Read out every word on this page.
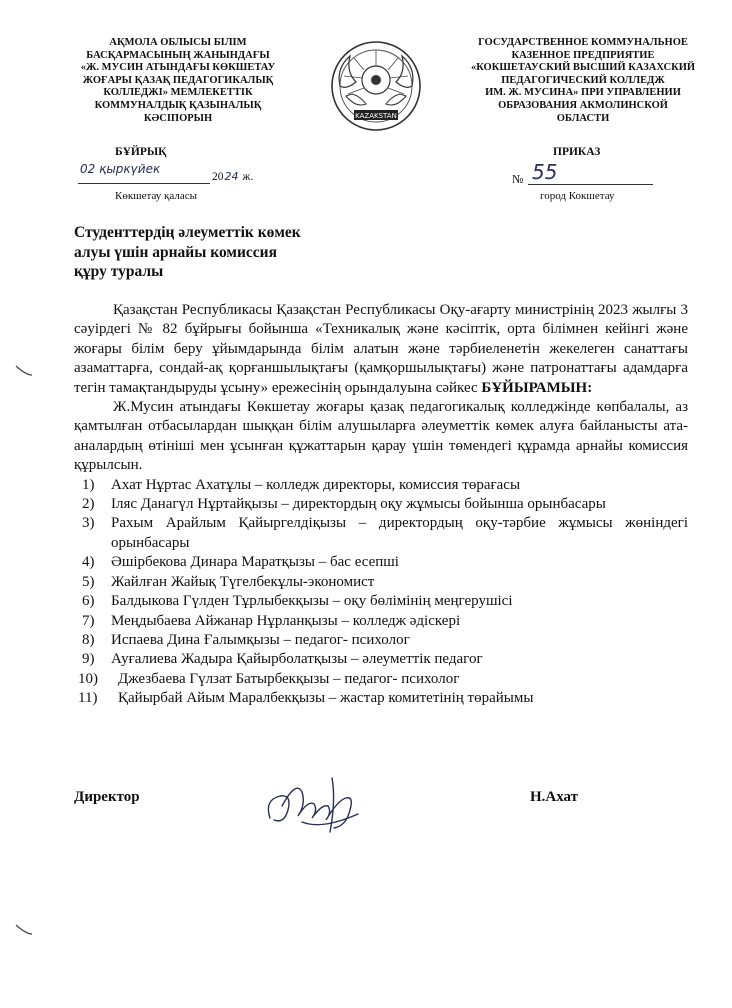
АҚМОЛА ОБЛЫСЫ БІЛІМ
БАСҚАРМАСЫНЫҢ ЖАНЫНДАҒЫ
«Ж. МУСИН АТЫНДАҒЫ КӨКШЕТАУ
ЖОҒАРЫ ҚАЗАҚ ПЕДАГОГИКАЛЫҚ
КОЛЛЕДЖІ» МЕМЛЕКЕТТІК
КОММУНАЛДЫҚ ҚАЗЫНАЛЫҚ
КӘСІПОРЫН	KAZAKSTAN
ГОСУДАРСТВЕННОЕ КОММУНАЛЬНОЕ
КАЗЕННОЕ ПРЕДПРИЯТИЕ
«КОКШЕТАУСКИЙ ВЫСШИЙ КАЗАХСКИЙ
ПЕДАГОГИЧЕСКИЙ КОЛЛЕДЖ
ИМ. Ж. МУСИНА» ПРИ УПРАВЛЕНИИ
ОБРАЗОВАНИЯ АКМОЛИНСКОЙ
ОБЛАСТИ
БҰЙРЫҚ	ПРИКАЗ
02 қыркүйек
2024 ж.
Көкшетау қаласы
№ 55
город Кокшетау
Студенттердің әлеуметтік көмек
алуы үшін арнайы комиссия
құру туралы

Қазақстан Республикасы Қазақстан Республикасы Оқу-ағарту министрінің 2023 жылғы 3 сәуірдегі № 82 бұйрығы бойынша «Техникалық және кәсіптік, орта білімнен кейінгі және жоғары білім беру ұйымдарында білім алатын және тәрбиеленетін жекелеген санаттағы азаматтарға, сондай-ақ қорғаншылықтағы (қамқоршылықтағы) және патронаттағы адамдарға тегін тамақтандыруды ұсыну» ережесінің орындалуына сәйкес БҰЙЫРАМЫН:

Ж.Мусин атындағы Көкшетау жоғары қазақ педагогикалық колледжінде көпбалалы, аз қамтылған отбасылардан шыққан білім алушыларға әлеуметтік көмек алуға байланысты ата-аналардың өтініші мен ұсынған құжаттарын қарау үшін төмендегі құрамда арнайы комиссия құрылсын.

1)	Ахат Нұртас Ахатұлы – колледж директоры, комиссия төрағасы
2)	Іляс Данагүл Нұртайқызы – директордың оқу жұмысы бойынша орынбасары
3)	Рахым Арайлым Қайыргелдіқызы – директордың оқу-тәрбие жұмысы жөніндегі орынбасары
4)	Әшірбекова Динара Маратқызы – бас есепші
5)	Жайлған Жайық Түгелбекұлы-экономист
6)	Балдыкова Гүлден Тұрлыбекқызы – оқу бөлімінің меңгерушісі
7)	Меңдыбаева Айжанар Нұрланқызы – колледж әдіскері
8)	Испаева Дина Ғалымқызы – педагог- психолог
9)	Ауғалиева Жадыра Қайырболатқызы – әлеуметтік педагог
10)	Джезбаева Гүлзат Батырбекқызы – педагог- психолог
11)	Қайырбай Айым Маралбекқызы – жастар комитетінің төрайымы
Директор	Н.Ахат
